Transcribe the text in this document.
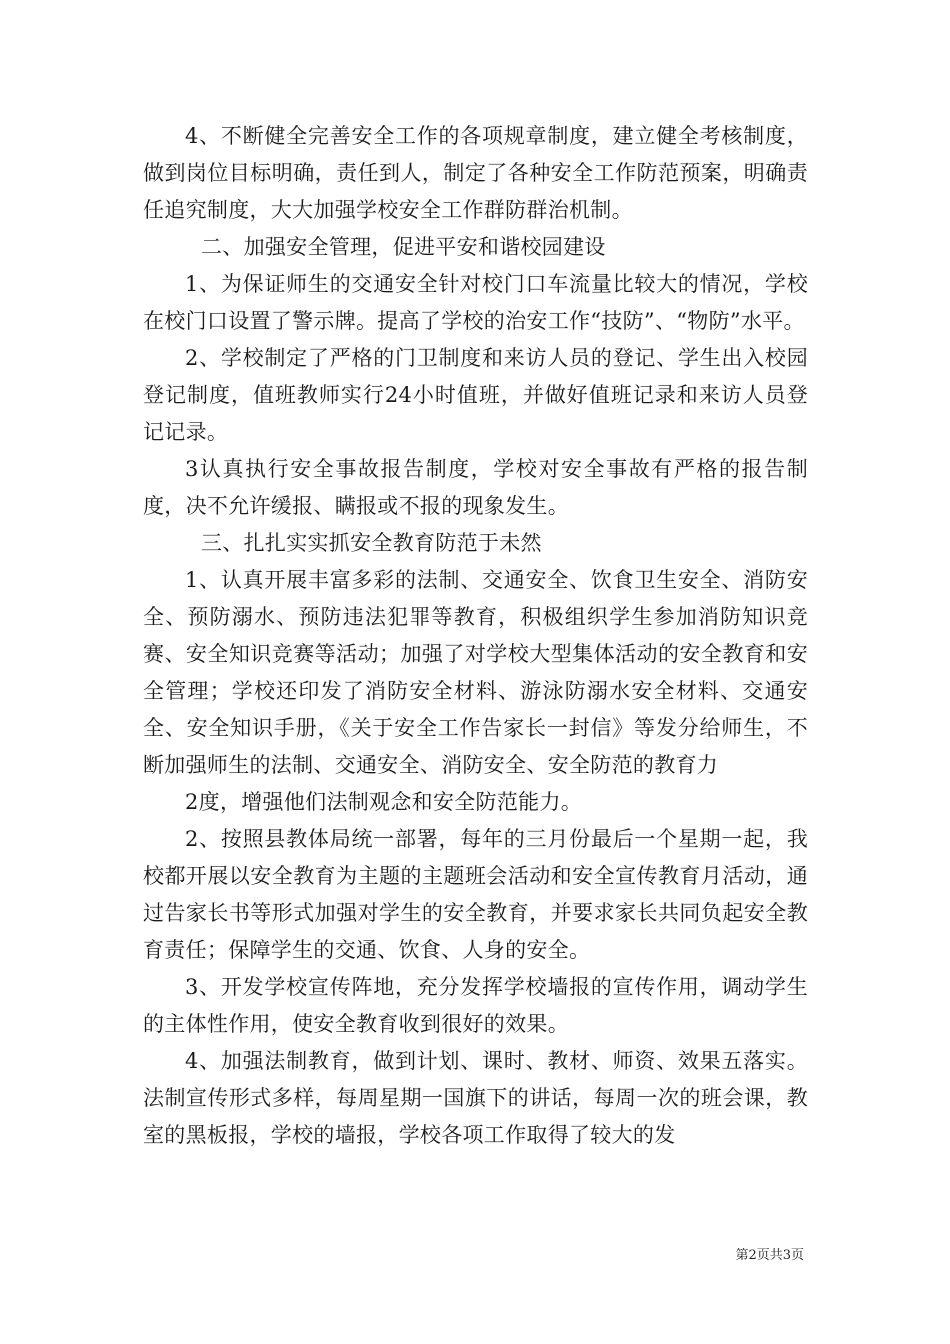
4、不断健全完善安全工作的各项规章制度，建立健全考核制度，做到岗位目标明确，责任到人，制定了各种安全工作防范预案，明确责任追究制度，大大加强学校安全工作群防群治机制。

二、加强安全管理，促进平安和谐校园建设

1、为保证师生的交通安全针对校门口车流量比较大的情况，学校在校门口设置了警示牌。提高了学校的治安工作“技防”、“物防”水平。

2、学校制定了严格的门卫制度和来访人员的登记、学生出入校园登记制度，值班教师实行24小时值班，并做好值班记录和来访人员登记记录。

3认真执行安全事故报告制度，学校对安全事故有严格的报告制度，决不允许缓报、瞒报或不报的现象发生。

三、扎扎实实抓安全教育防范于未然

1、认真开展丰富多彩的法制、交通安全、饮食卫生安全、消防安全、预防溺水、预防违法犯罪等教育，积极组织学生参加消防知识竞赛、安全知识竞赛等活动；加强了对学校大型集体活动的安全教育和安全管理；学校还印发了消防安全材料、游泳防溺水安全材料、交通安全、安全知识手册，《关于安全工作告家长一封信》等发分给师生，不断加强师生的法制、交通安全、消防安全、安全防范的教育力

2度，增强他们法制观念和安全防范能力。

2、按照县教体局统一部署，每年的三月份最后一个星期一起，我校都开展以安全教育为主题的主题班会活动和安全宣传教育月活动，通过告家长书等形式加强对学生的安全教育，并要求家长共同负起安全教育责任；保障学生的交通、饮食、人身的安全。

3、开发学校宣传阵地，充分发挥学校墙报的宣传作用，调动学生的主体性作用，使安全教育收到很好的效果。

4、加强法制教育，做到计划、课时、教材、师资、效果五落实。法制宣传形式多样，每周星期一国旗下的讲话，每周一次的班会课，教室的黑板报，学校的墙报，学校各项工作取得了较大的发

第2页共3页
